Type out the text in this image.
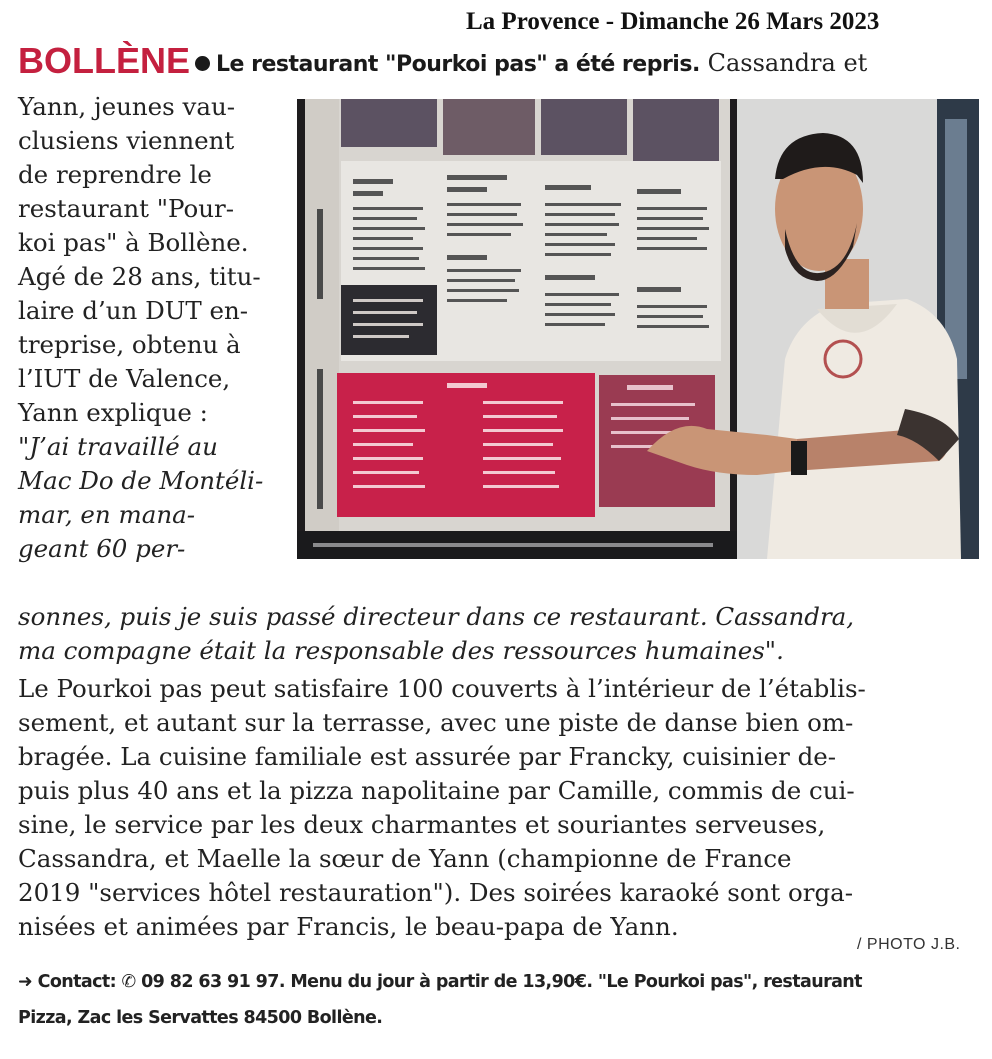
La Provence - Dimanche 26 Mars 2023
BOLLÈNE Le restaurant "Pourkoi pas" a été repris. Cassandra et
Yann, jeunes vau-
clusiens viennent
de reprendre le
restaurant "Pour-
koi pas" à Bollène.
Agé de 28 ans, titu-
laire d’un DUT en-
treprise, obtenu à
l’IUT de Valence,
Yann explique :
"J’ai travaillé au
Mac Do de Montéli-
mar, en mana-
geant 60 per-
sonnes, puis je suis passé directeur dans ce restaurant. Cassandra,
ma compagne était la responsable des ressources humaines".
Le Pourkoi pas peut satisfaire 100 couverts à l’intérieur de l’établis-
sement, et autant sur la terrasse, avec une piste de danse bien om-
bragée. La cuisine familiale est assurée par Francky, cuisinier de-
puis plus 40 ans et la pizza napolitaine par Camille, commis de cui-
sine, le service par les deux charmantes et souriantes serveuses,
Cassandra, et Maelle la sœur de Yann (championne de France
2019 "services hôtel restauration"). Des soirées karaoké sont orga-
nisées et animées par Francis, le beau-papa de Yann.
/ PHOTO J.B.
➜ Contact: ✆ 09 82 63 91 97. Menu du jour à partir de 13,90€. "Le Pourkoi pas", restaurant
Pizza, Zac les Servattes 84500 Bollène.
